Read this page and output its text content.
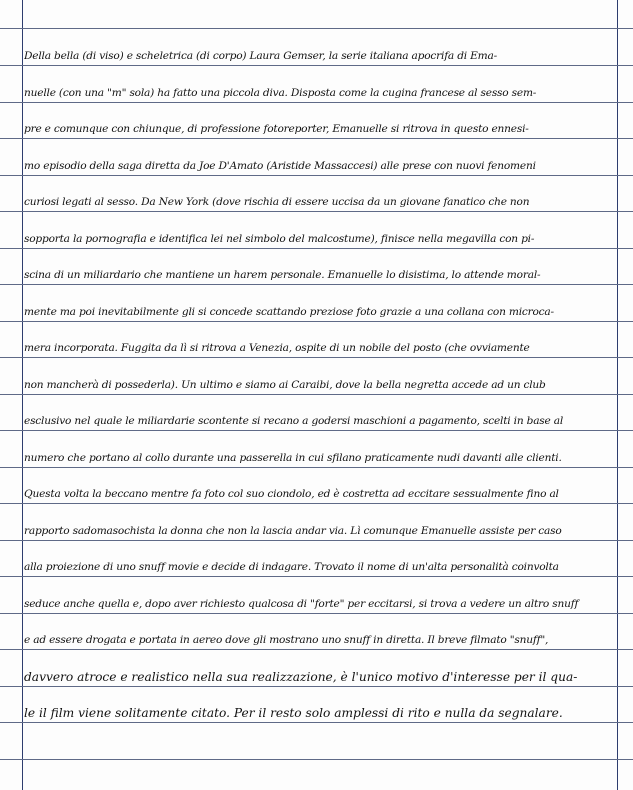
Della bella (di viso) e scheletrica (di corpo) Laura Gemser, la serie italiana apocrifa di Ema-
nuelle (con una "m" sola) ha fatto una piccola diva. Disposta come la cugina francese al sesso sem-
pre e comunque con chiunque, di professione fotoreporter, Emanuelle si ritrova in questo ennesi-
mo episodio della saga diretta da Joe D'Amato (Aristide Massaccesi) alle prese con nuovi fenomeni
curiosi legati al sesso. Da New York (dove rischia di essere uccisa da un giovane fanatico che non
sopporta la pornografia e identifica lei nel simbolo del malcostume), finisce nella megavilla con pi-
scina di un miliardario che mantiene un harem personale. Emanuelle lo disistima, lo attende moral-
mente ma poi inevitabilmente gli si concede scattando preziose foto grazie a una collana con microca-
mera incorporata. Fuggita da lì si ritrova a Venezia, ospite di un nobile del posto (che ovviamente
non mancherà di possederla). Un ultimo e siamo ai Caraibi, dove la bella negretta accede ad un club
esclusivo nel quale le miliardarie scontente si recano a godersi maschioni a pagamento, scelti in base al
numero che portano al collo durante una passerella in cui sfilano praticamente nudi davanti alle clienti.
Questa volta la beccano mentre fa foto col suo ciondolo, ed è costretta ad eccitare sessualmente fino al
rapporto sadomasochista la donna che non la lascia andar via. Lì comunque Emanuelle assiste per caso
alla proiezione di uno snuff movie e decide di indagare. Trovato il nome di un'alta personalità coinvolta
seduce anche quella e, dopo aver richiesto qualcosa di "forte" per eccitarsi, si trova a vedere un altro snuff
e ad essere drogata e portata in aereo dove gli mostrano uno snuff in diretta. Il breve filmato "snuff",
davvero atroce e realistico nella sua realizzazione, è l'unico motivo d'interesse per il qua-
le il film viene solitamente citato. Per il resto solo amplessi di rito e nulla da segnalare.
